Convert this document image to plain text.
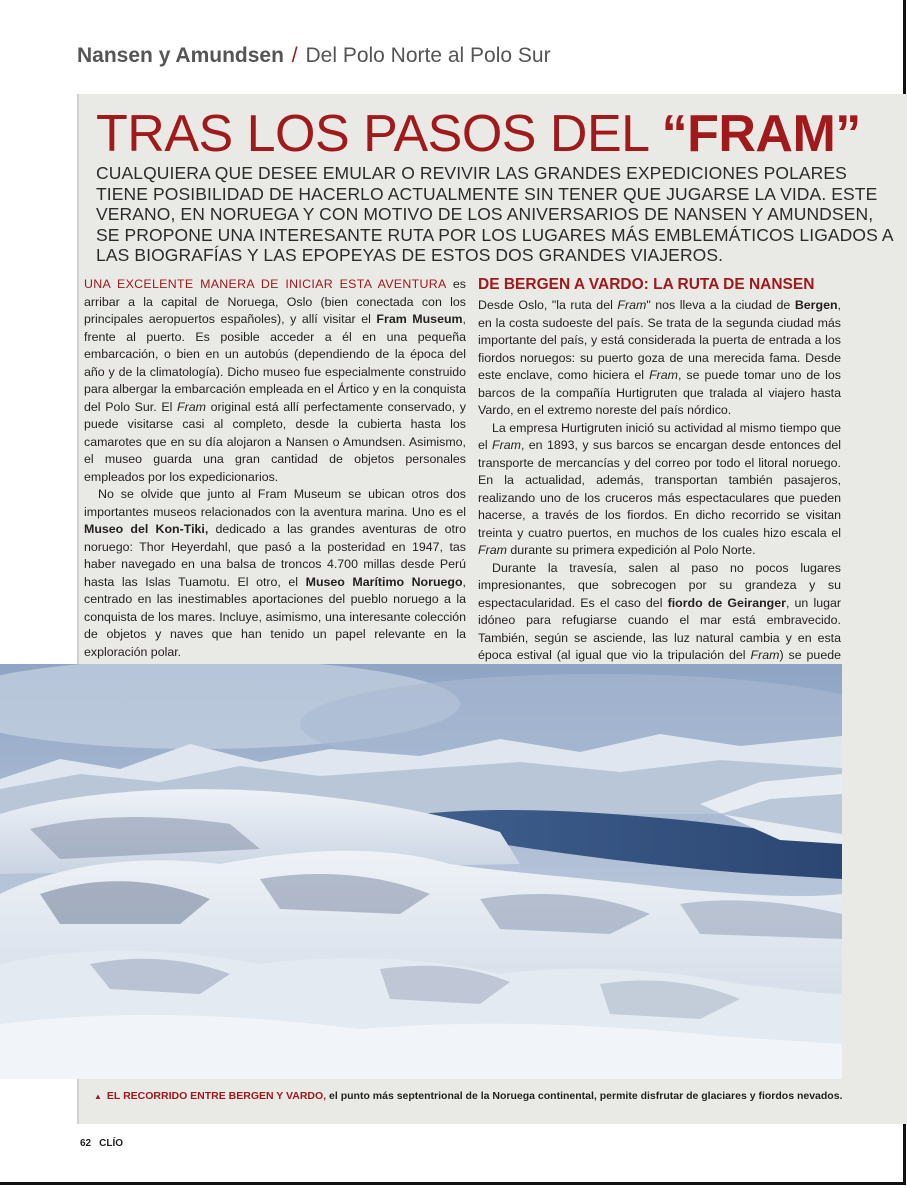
Nansen y Amundsen / Del Polo Norte al Polo Sur
TRAS LOS PASOS DEL “FRAM”
CUALQUIERA QUE DESEE EMULAR O REVIVIR LAS GRANDES EXPEDICIONES POLARES TIENE POSIBILIDAD DE HACERLO ACTUALMENTE SIN TENER QUE JUGARSE LA VIDA. ESTE VERANO, EN NORUEGA Y CON MOTIVO DE LOS ANIVERSARIOS DE NANSEN Y AMUNDSEN, SE PROPONE UNA INTERESANTE RUTA POR LOS LUGARES MÁS EMBLEMÁTICOS LIGADOS A LAS BIOGRAFÍAS Y LAS EPOPEYAS DE ESTOS DOS GRANDES VIAJEROS.

UNA EXCELENTE MANERA DE INICIAR ESTA AVENTURA es arribar a la capital de Noruega, Oslo (bien conectada con los principales aeropuertos españoles), y allí visitar el Fram Museum, frente al puerto. Es posible acceder a él en una pequeña embarcación, o bien en un autobús (dependiendo de la época del año y de la climatología). Dicho museo fue especialmente construido para albergar la embarcación empleada en el Ártico y en la conquista del Polo Sur. El Fram original está allí perfectamente conservado, y puede visitarse casi al completo, desde la cubierta hasta los camarotes que en su día alojaron a Nansen o Amundsen. Asimismo, el museo guarda una gran cantidad de objetos personales empleados por los expedicionarios.

No se olvide que junto al Fram Museum se ubican otros dos importantes museos relacionados con la aventura marina. Uno es el Museo del Kon-Tiki, dedicado a las grandes aventuras de otro noruego: Thor Heyerdahl, que pasó a la posteridad en 1947, tas haber navegado en una balsa de troncos 4.700 millas desde Perú hasta las Islas Tuamotu. El otro, el Museo Marítimo Noruego, centrado en las inestimables aportaciones del pueblo noruego a la conquista de los mares. Incluye, asimismo, una interesante colección de objetos y naves que han tenido un papel relevante en la exploración polar.

DE BERGEN A VARDO: LA RUTA DE NANSEN

Desde Oslo, "la ruta del Fram" nos lleva a la ciudad de Bergen, en la costa sudoeste del país. Se trata de la segunda ciudad más importante del país, y está considerada la puerta de entrada a los fiordos noruegos: su puerto goza de una merecida fama. Desde este enclave, como hiciera el Fram, se puede tomar uno de los barcos de la compañía Hurtigruten que tralada al viajero hasta Vardo, en el extremo noreste del país nórdico.

La empresa Hurtigruten inició su actividad al mismo tiempo que el Fram, en 1893, y sus barcos se encargan desde entonces del transporte de mercancías y del correo por todo el litoral noruego. En la actualidad, además, transportan también pasajeros, realizando uno de los cruceros más espectaculares que pueden hacerse, a través de los fiordos. En dicho recorrido se visitan treinta y cuatro puertos, en muchos de los cuales hizo escala el Fram durante su primera expedición al Polo Norte.

Durante la travesía, salen al paso no pocos lugares impresionantes, que sobrecogen por su grandeza y su espectacularidad. Es el caso del fiordo de Geiranger, un lugar idóneo para refugiarse cuando el mar está embravecido. También, según se asciende, las luz natural cambia y en esta época estival (al igual que vio la tripulación del Fram) se puede

▲ EL RECORRIDO ENTRE BERGEN Y VARDO, el punto más septentrional de la Noruega continental, permite disfrutar de glaciares y fiordos nevados.
62 CLÍO
